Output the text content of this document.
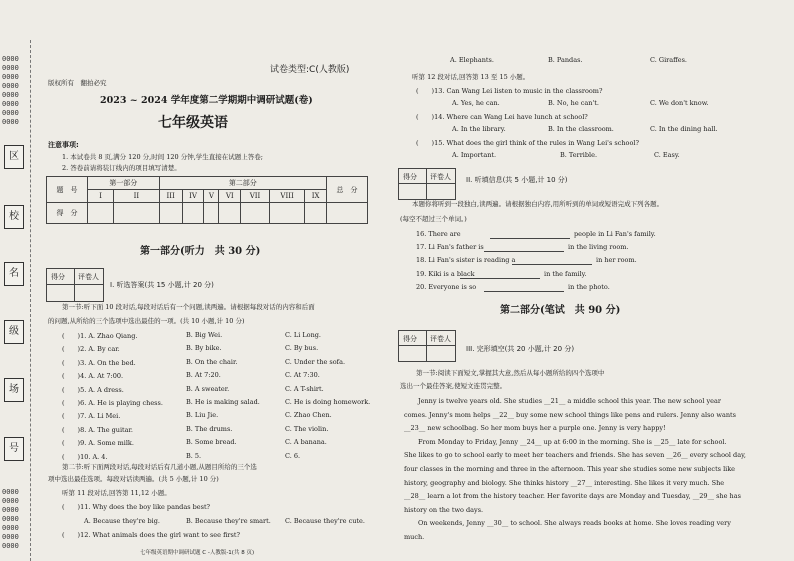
0000
0000
0000
0000
0000
0000
0000
0000
0000
0000
0000
0000
0000
0000
0000
区
校
名
级
场
号
试卷类型:C(人教版)
版权所有　翻拍必究
2023 ~ 2024 学年度第二学期期中调研试题(卷)
七年级英语
注意事项:
1. 本试卷共 8 页,满分 120 分,时间 120 分钟,学生直接在试题上答卷;
2. 答卷前请将装订线内的项目填写清楚。
题　号	第一部分		第二部分							总　分
	I	II	III	IV	V	VI	VII	VIII	IX	
得　分										
第一部分(听力　共 30 分)
得分 评卷人
I. 听选答案(共 15 小题,计 20 分)
第一节:听下面 10 段对话,每段对话后有一个问题,读两遍。请根据每段对话的内容和后面
的问题,从所给的三个选项中选出最佳的一项。(共 10 小题,计 10 分)
(　　)1. A. Zhao Qiang.	B. Big Wei.	C. Li Long.
(　　)2. A. By car.	B. By bike.	C. By bus.
(　　)3. A. On the bed.	B. On the chair.	C. Under the sofa.
(　　)4. A. At 7:00.	B. At 7:20.	C. At 7:30.
(　　)5. A. A dress.	B. A sweater.	C. A T-shirt.
(　　)6. A. He is playing chess.	B. He is making salad.	C. He is doing homework.
(　　)7. A. Li Mei.	B. Liu Jie.	C. Zhao Chen.
(　　)8. A. The guitar.	B. The drums.	C. The violin.
(　　)9. A. Some milk.	B. Some bread.	C. A banana.
(　　)10. A. 4.	B. 5.	C. 6.
第二节:听下面两段对话,每段对话后有几道小题,从题目所给的三个选
项中选出最佳选项。每段对话读两遍。(共 5 小题,计 10 分)
听第 11 段对话,回答第 11,12 小题。
(　　)11. Why does the boy like pandas best?
A. Because they're big.	B. Because they're smart. C. Because they're cute.
(　　)12. What animals does the girl want to see first?
七年级英语期中调研试题 C -人教版-1(共 8 页)
A. Elephants.	B. Pandas.	C. Giraffes.
听第 12 段对话,回答第 13 至 15 小题。
(　　)13. Can Wang Lei listen to music in the classroom?
A. Yes, he can.	B. No, he can't.	C. We don't know.
(　　)14. Where can Wang Lei have lunch at school?
A. In the library.	B. In the classroom.	C. In the dining hall.
(　　)15. What does the girl think of the rules in Wang Lei's school?
A. Important.	B. Terrible.	C. Easy.
得分 评卷人 II. 听填信息(共 5 小题,计 10 分)
本题你将听到一段独白,读两遍。请根据独白内容,用所听到的单词或短语完成下列各题。
(每空不超过三个单词。)
16. There are	people in Li Fan's family.
17. Li Fan's father is	in the living room.
18. Li Fan's sister is reading a	in her room.
19. Kiki is a black	in the family.
20. Everyone is so	in the photo.
第二部分(笔试　共 90 分)
得分 评卷人
III. 完形填空(共 20 小题,计 20 分)
第一节:阅读下面短文,掌握其大意,然后从每小题所给的四个选项中
选出一个最佳答案,使短文连贯完整。
Jenny is twelve years old. She studies __21__ a middle school this year. The new school year
comes. Jenny's mom helps __22__ buy some new school things like pens and rulers. Jenny also wants
__23__ new schoolbag. So her mom buys her a purple one. Jenny is very happy!
From Monday to Friday, Jenny __24__ up at 6:00 in the morning. She is __25__ late for school.
She likes to go to school early to meet her teachers and friends. She has seven __26__ every school day,
four classes in the morning and three in the afternoon. This year she studies some new subjects like
history, geography and biology. She thinks history __27__ interesting. She likes it very much. She
__28__ learn a lot from the history teacher. Her favorite days are Monday and Tuesday, __29__ she has
history on the two days.
On weekends, Jenny __30__ to school. She always reads books at home. She loves reading very
much.
